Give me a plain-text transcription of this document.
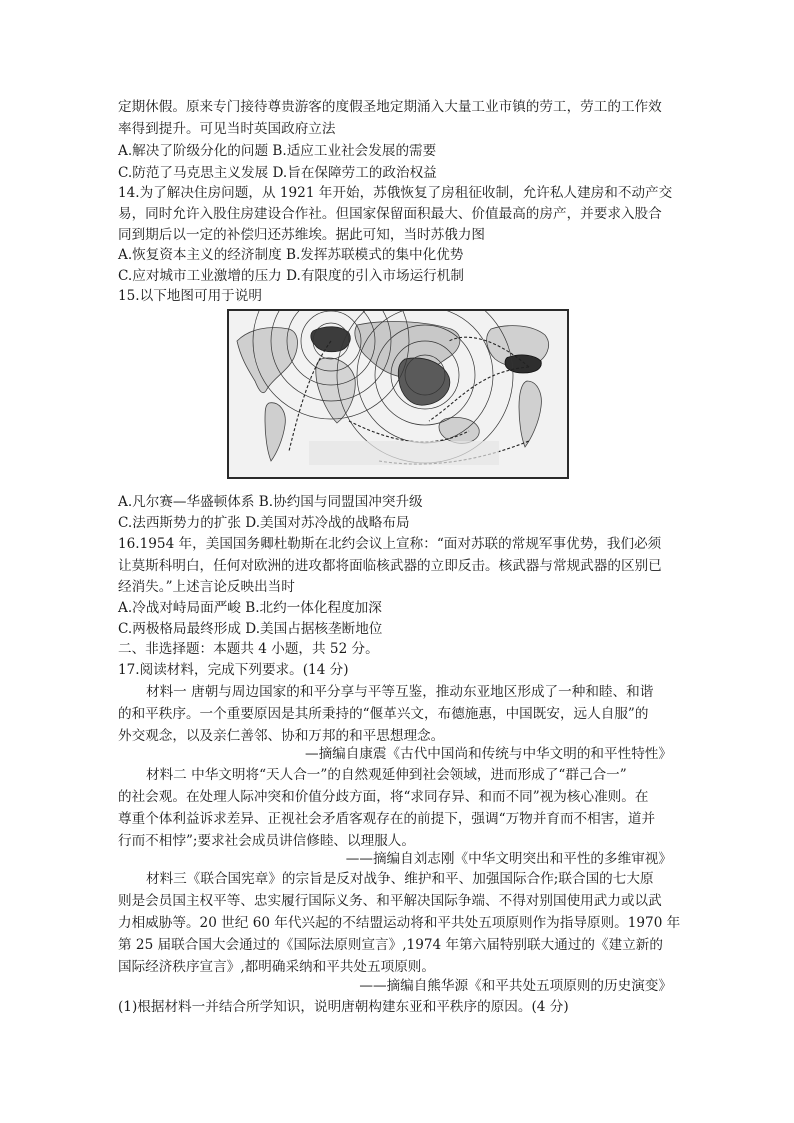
定期休假。原来专门接待尊贵游客的度假圣地定期涌入大量工业市镇的劳工，劳工的工作效
率得到提升。可见当时英国政府立法
A.解决了阶级分化的问题 B.适应工业社会发展的需要
C.防范了马克思主义发展 D.旨在保障劳工的政治权益
14.为了解决住房问题，从 1921 年开始，苏俄恢复了房租征收制，允许私人建房和不动产交
易，同时允许入股住房建设合作社。但国家保留面积最大、价值最高的房产，并要求入股合
同到期后以一定的补偿归还苏维埃。据此可知，当时苏俄力图
A.恢复资本主义的经济制度 B.发挥苏联模式的集中化优势
C.应对城市工业激增的压力 D.有限度的引入市场运行机制
15.以下地图可用于说明
A.凡尔赛—华盛顿体系 B.协约国与同盟国冲突升级
C.法西斯势力的扩张 D.美国对苏冷战的战略布局
16.1954 年，美国国务卿杜勒斯在北约会议上宣称：“面对苏联的常规军事优势，我们必须
让莫斯科明白，任何对欧洲的进攻都将面临核武器的立即反击。核武器与常规武器的区别已
经消失。”上述言论反映出当时
A.冷战对峙局面严峻 B.北约一体化程度加深
C.两极格局最终形成 D.美国占据核垄断地位
二、非选择题：本题共 4 小题，共 52 分。
17.阅读材料，完成下列要求。(14 分)
材料一 唐朝与周边国家的和平分享与平等互鉴，推动东亚地区形成了一种和睦、和谐
的和平秩序。一个重要原因是其所秉持的“偃革兴文，布德施惠，中国既安，远人自服”的
外交观念，以及亲仁善邻、协和万邦的和平思想理念。
—摘编自康震《古代中国尚和传统与中华文明的和平性特性》
材料二 中华文明将“天人合一”的自然观延伸到社会领域，进而形成了“群己合一”
的社会观。在处理人际冲突和价值分歧方面，将“求同存异、和而不同”视为核心准则。在
尊重个体利益诉求差异、正视社会矛盾客观存在的前提下，强调“万物并育而不相害，道并
行而不相悖”;要求社会成员讲信修睦、以理服人。
——摘编自刘志刚《中华文明突出和平性的多维审视》
材料三《联合国宪章》的宗旨是反对战争、维护和平、加强国际合作;联合国的七大原
则是会员国主权平等、忠实履行国际义务、和平解决国际争端、不得对别国使用武力或以武
力相威胁等。20 世纪 60 年代兴起的不结盟运动将和平共处五项原则作为指导原则。1970 年
第 25 届联合国大会通过的《国际法原则宣言》,1974 年第六届特别联大通过的《建立新的
国际经济秩序宣言》,都明确采纳和平共处五项原则。
——摘编自熊华源《和平共处五项原则的历史演变》
(1)根据材料一并结合所学知识，说明唐朝构建东亚和平秩序的原因。(4 分)
